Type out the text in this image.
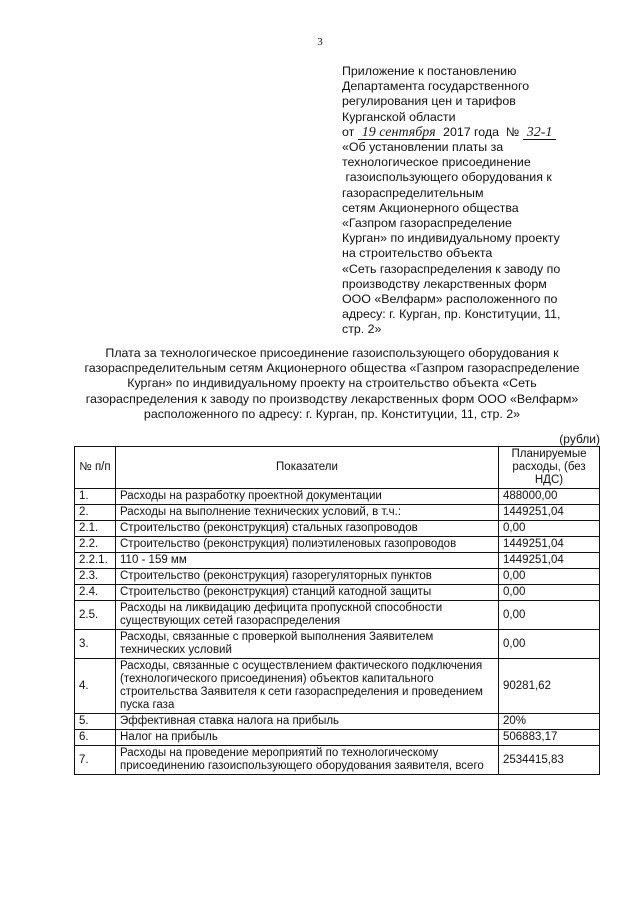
3
Приложение к постановлению
Департамента государственного
регулирования цен и тарифов
Курганской области
от 19 сентября 2017 года № 32-1
«Об установлении платы за
технологическое присоединение
газоиспользующего оборудования к
газораспределительным
сетям Акционерного общества
«Газпром газораспределение
Курган» по индивидуальному проекту
на строительство объекта
«Сеть газораспределения к заводу по
производству лекарственных форм
ООО «Велфарм» расположенного по
адресу: г. Курган, пр. Конституции, 11,
стр. 2»
Плата за технологическое присоединение газоиспользующего оборудования к
газораспределительным сетям Акционерного общества «Газпром газораспределение
Курган» по индивидуальному проекту на строительство объекта «Сеть
газораспределения к заводу по производству лекарственных форм ООО «Велфарм»
расположенного по адресу: г. Курган, пр. Конституции, 11, стр. 2»
(рубли)
№ п/п	Показатели	Планируемые расходы, (без НДС)
1.	Расходы на разработку проектной документации	488000,00
2.	Расходы на выполнение технических условий, в т.ч.:	1449251,04
2.1.	Строительство (реконструкция) стальных газопроводов	0,00
2.2.	Строительство (реконструкция) полиэтиленовых газопроводов	1449251,04
2.2.1.	110 - 159 мм	1449251,04
2.3.	Строительство (реконструкция) газорегуляторных пунктов	0,00
2.4.	Строительство (реконструкция) станций катодной защиты	0,00
2.5.	Расходы на ликвидацию дефицита пропускной способности существующих сетей газораспределения	0,00
3.	Расходы, связанные с проверкой выполнения Заявителем технических условий	0,00
4.	Расходы, связанные с осуществлением фактического подключения (технологического присоединения) объектов капитального строительства Заявителя к сети газораспределения и проведением пуска газа	90281,62
5.	Эффективная ставка налога на прибыль	20%
6.	Налог на прибыль	506883,17
7.	Расходы на проведение мероприятий по технологическому присоединению газоиспользующего оборудования заявителя, всего	2534415,83
